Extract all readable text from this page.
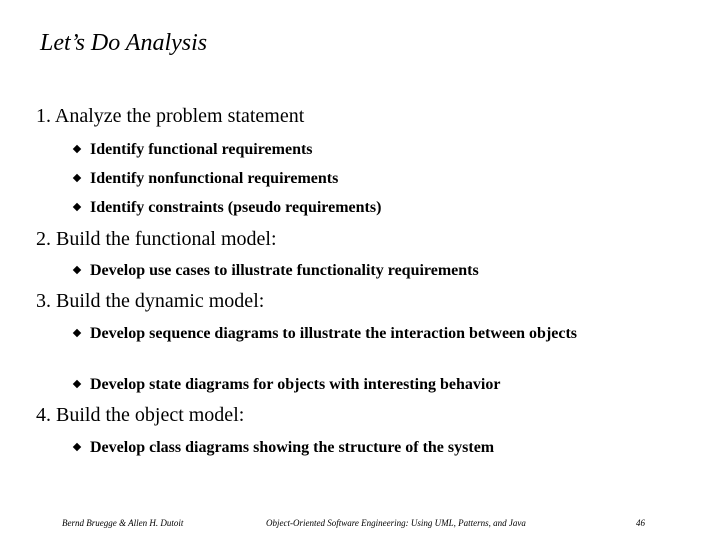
Let’s Do Analysis
1. Analyze the problem statement
Identify functional requirements
Identify nonfunctional requirements
Identify constraints (pseudo requirements)
2. Build the functional model:
Develop use cases to illustrate functionality requirements
3. Build the dynamic model:
Develop sequence diagrams to illustrate the interaction between objects
Develop state diagrams for objects with interesting behavior
4. Build the object model:
Develop class diagrams showing the structure of the system
Bernd Bruegge & Allen H. Dutoit	Object-Oriented Software Engineering: Using UML, Patterns, and Java	46
